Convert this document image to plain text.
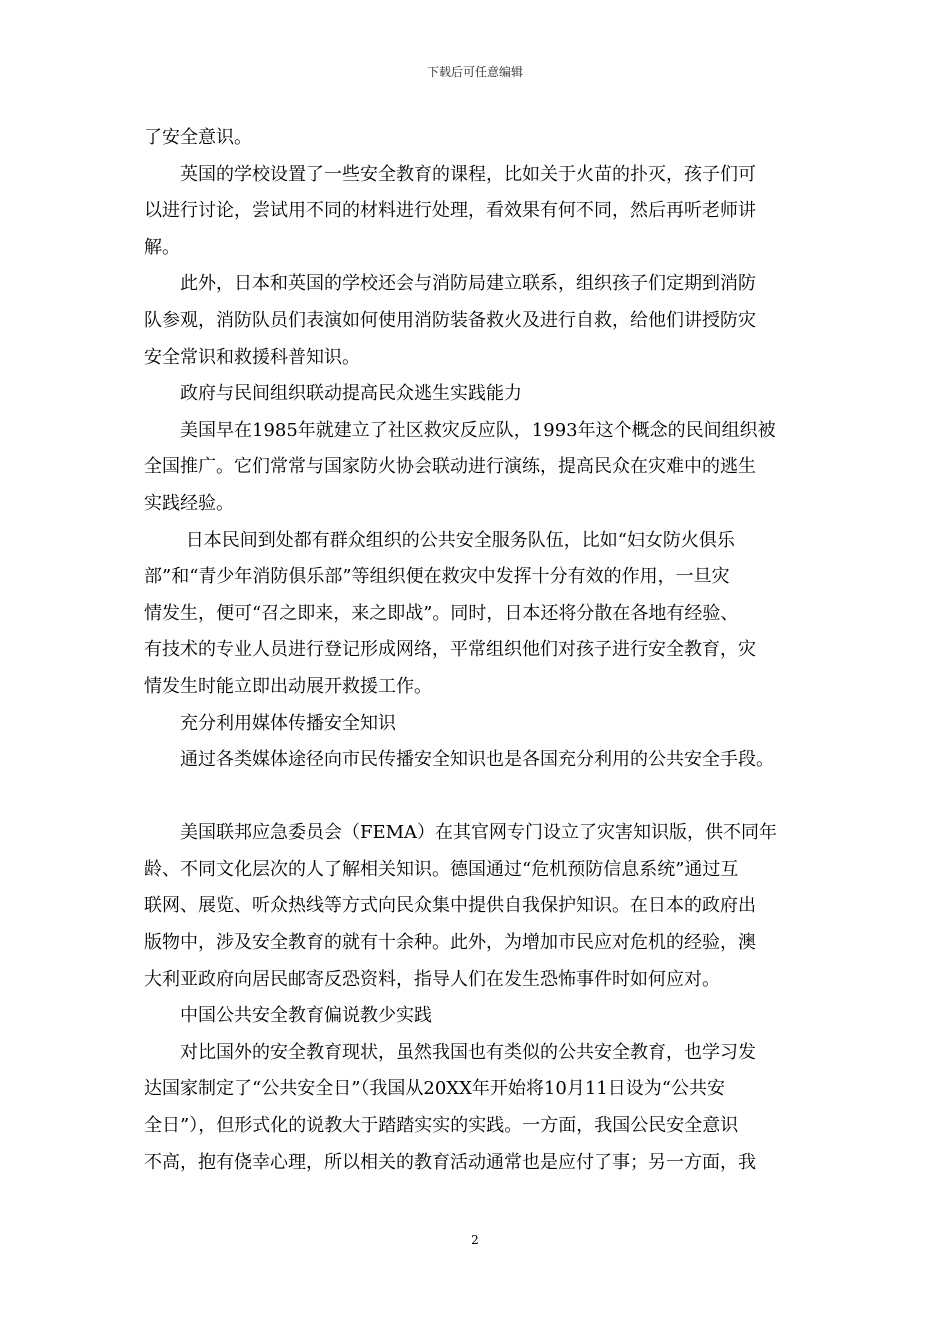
下载后可任意编辑
了安全意识。
　　英国的学校设置了一些安全教育的课程，比如关于火苗的扑灭，孩子们可
以进行讨论，尝试用不同的材料进行处理，看效果有何不同，然后再听老师讲
解。
　　此外，日本和英国的学校还会与消防局建立联系，组织孩子们定期到消防
队参观，消防队员们表演如何使用消防装备救火及进行自救，给他们讲授防灾
安全常识和救援科普知识。
　　政府与民间组织联动提高民众逃生实践能力
　　美国早在1985年就建立了社区救灾反应队，1993年这个概念的民间组织被
全国推广。它们常常与国家防火协会联动进行演练，提高民众在灾难中的逃生
实践经验。
　　 日本民间到处都有群众组织的公共安全服务队伍，比如“妇女防火俱乐
部”和“青少年消防俱乐部”等组织便在救灾中发挥十分有效的作用，一旦灾
情发生，便可“召之即来，来之即战”。同时，日本还将分散在各地有经验、
有技术的专业人员进行登记形成网络，平常组织他们对孩子进行安全教育，灾
情发生时能立即出动展开救援工作。
　　充分利用媒体传播安全知识
　　通过各类媒体途径向市民传播安全知识也是各国充分利用的公共安全手段。
　　美国联邦应急委员会（FEMA）在其官网专门设立了灾害知识版，供不同年
龄、不同文化层次的人了解相关知识。德国通过“危机预防信息系统”通过互
联网、展览、听众热线等方式向民众集中提供自我保护知识。在日本的政府出
版物中，涉及安全教育的就有十余种。此外，为增加市民应对危机的经验，澳
大利亚政府向居民邮寄反恐资料，指导人们在发生恐怖事件时如何应对。
　　中国公共安全教育偏说教少实践
　　对比国外的安全教育现状，虽然我国也有类似的公共安全教育，也学习发
达国家制定了“公共安全日”（我国从20XX年开始将10月11日设为“公共安
全日”），但形式化的说教大于踏踏实实的实践。一方面，我国公民安全意识
不高，抱有侥幸心理，所以相关的教育活动通常也是应付了事；另一方面，我
2
